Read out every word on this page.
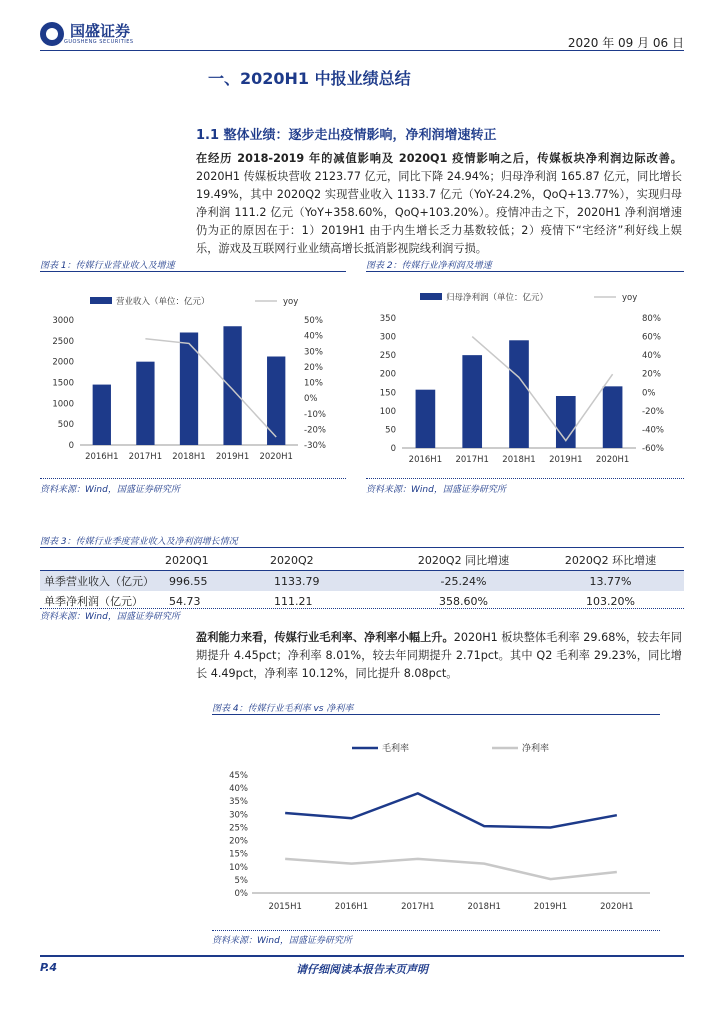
国盛证券
GUOSHENG SECURITIES	2020 年 09 月 06 日
一、2020H1 中报业绩总结
1.1 整体业绩：逐步走出疫情影响，净利润增速转正
在经历 2018-2019 年的减值影响及 2020Q1 疫情影响之后，传媒板块净利润边际改善。2020H1 传媒板块营收 2123.77 亿元，同比下降 24.94%；归母净利润 165.87 亿元，同比增长 19.49%，其中 2020Q2 实现营业收入 1133.7 亿元（YoY-24.2%，QoQ+13.77%），实现归母净利润 111.2 亿元（YoY+358.60%，QoQ+103.20%）。疫情冲击之下，2020H1 净利润增速仍为正的原因在于：1）2019H1 由于内生增长乏力基数较低；2）疫情下“宅经济”利好线上娱乐，游戏及互联网行业业绩高增长抵消影视院线利润亏损。
图表 1：传媒行业营业收入及增速
营业收入（单位：亿元）	yoy
0
500
1000
1500
2000
2500
3000
-30%
-20%
-10%
0%
10%
20%
30%
40%
50%
2016H1 2017H1 2018H1 2019H1 2020H1
资料来源：Wind，国盛证券研究所
图表 2：传媒行业净利润及增速
归母净利润（单位：亿元）	yoy
0
50
100
150
200
250
300
350
-60%
-40%
-20%
0%
20%
40%
60%
80%
2016H1 2017H1 2018H1 2019H1 2020H1
资料来源：Wind，国盛证券研究所
图表 3：传媒行业季度营业收入及净利润增长情况
	2020Q1	2020Q2	2020Q2 同比增速	2020Q2 环比增速
单季营业收入（亿元）	996.55	1133.79	-25.24%	13.77%
单季净利润（亿元）	54.73	111.21	358.60%	103.20%
资料来源：Wind，国盛证券研究所
盈利能力来看，传媒行业毛利率、净利率小幅上升。2020H1 板块整体毛利率 29.68%，较去年同期提升 4.45pct；净利率 8.01%，较去年同期提升 2.71pct。其中 Q2 毛利率 29.23%，同比增长 4.49pct，净利率 10.12%，同比提升 8.08pct。
图表 4：传媒行业毛利率 vs 净利率
毛利率	净利率
0%
5%
10%
15%
20%
25%
30%
35%
40%
45%
2015H1	2016H1	2017H1	2018H1	2019H1	2020H1
资料来源：Wind，国盛证券研究所
P.4	请仔细阅读本报告末页声明
